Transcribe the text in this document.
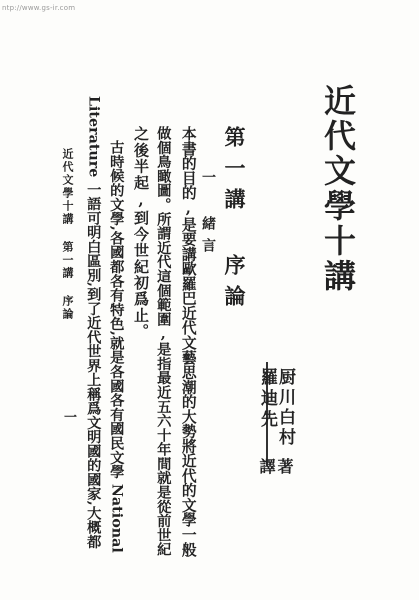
ntp://www.gs-ir.com
近代文學十講
厨川白村
著
羅迪先
譯
第一講 序論
一 緒言
本書的目的,是要講歐羅巴近代文藝思潮的大勢將近代的文學一般
做個鳥瞰圖。所謂近代這個範圍,是指最近五六十年間就是從前世紀
之後半起,到今世紀初爲止。
古時候的文學,各國都各有特色,就是各國各有國民文學 National
Literature 一語可明白區別,到了近代世界上稱爲文明國的國家,大概都
近代文學十講 第一講 序論
一
